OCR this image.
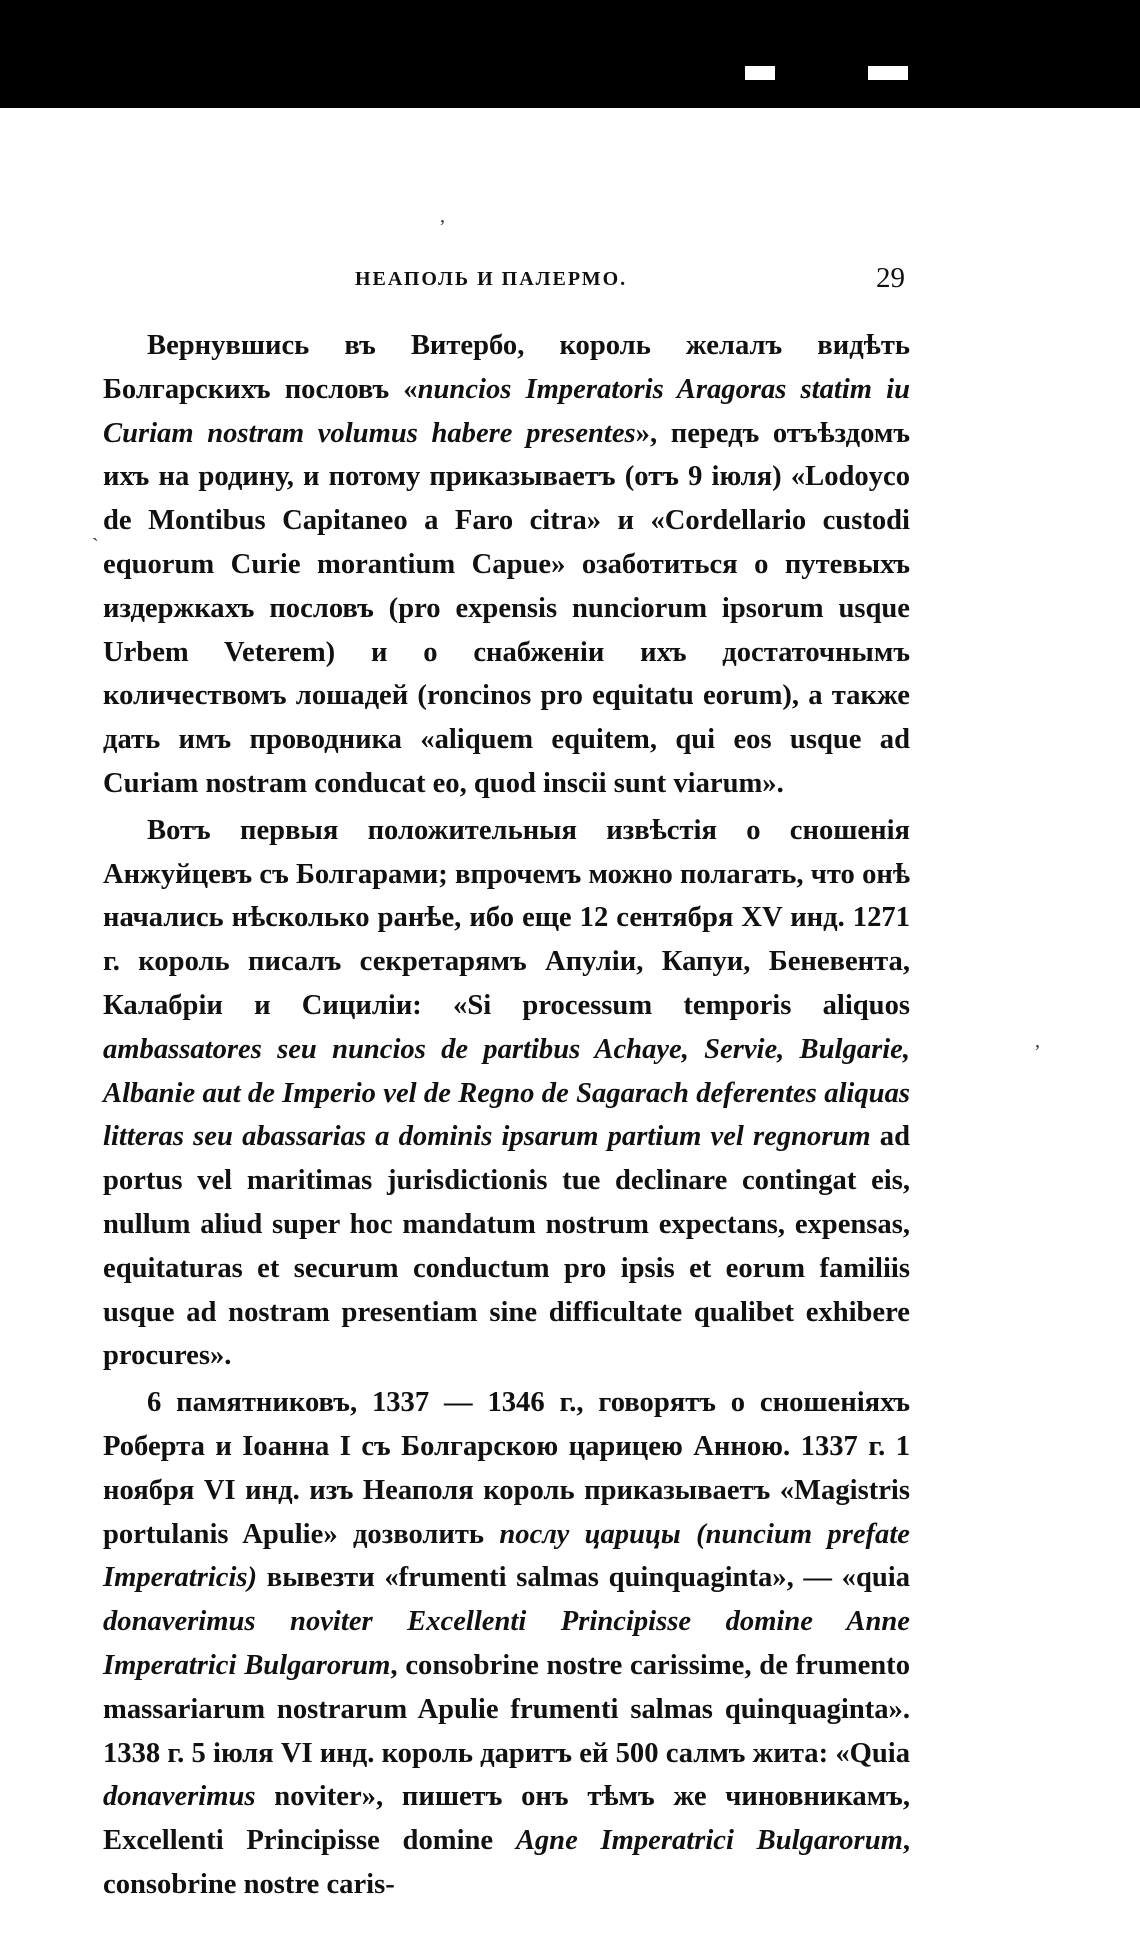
НЕАПОЛЬ И ПАЛЕРМО.	29
,
`
,

Вернувшись въ Витербо, король желалъ видѣть Болгарскихъ пословъ «nuncios Imperatoris Aragoras statim iu Curiam nostram volumus habere presentes», передъ отъѣздомъ ихъ на родину, и потому приказываетъ (отъ 9 іюля) «Lodoyco de Montibus Capitaneo a Faro citra» и «Cordellario custodi equorum Curie morantium Capue» озаботиться о путевыхъ издержкахъ пословъ (pro expensis nunciorum ipsorum usque Urbem Veterem) и о снабженіи ихъ достаточнымъ количествомъ лошадей (roncinos pro equitatu eorum), а также дать имъ проводника «aliquem equitem, qui eos usque ad Curiam nostram conducat eo, quod inscii sunt viarum».

Вотъ первыя положительныя извѣстія о сношенія Анжуйцевъ съ Болгарами; впрочемъ можно полагать, что онѣ начались нѣсколько ранѣе, ибо еще 12 сентября XV инд. 1271 г. король писалъ секретарямъ Апуліи, Капуи, Беневента, Калабріи и Сициліи: «Si processum temporis aliquos ambassatores seu nuncios de partibus Achaye, Servie, Bulgarie, Albanie aut de Imperio vel de Regno de Sagarach deferentes aliquas litteras seu abassarias a dominis ipsarum partium vel regnorum ad portus vel maritimas jurisdictionis tue declinare contingat eis, nullum aliud super hoc mandatum nostrum expectans, expensas, equitaturas et securum conductum pro ipsis et eorum familiis usque ad nostram presentiam sine difficultate qualibet exhibere procures».

6 памятниковъ, 1337 — 1346 г., говорятъ о сношеніяхъ Роберта и Іоанна I съ Болгарскою царицею Анною. 1337 г. 1 ноября VI инд. изъ Неаполя король приказываетъ «Magistris portulanis Apulie» дозволить послу царицы (nuncium prefate Imperatricis) вывезти «frumenti salmas quinquaginta», — «quia donaverimus noviter Excellenti Principisse domine Anne Imperatrici Bulgarorum, consobrine nostre carissime, de frumento massariarum nostrarum Apulie frumenti salmas quinquaginta». 1338 г. 5 іюля VI инд. король даритъ ей 500 салмъ жита: «Quia donaverimus noviter», пишетъ онъ тѣмъ же чиновникамъ, Excellenti Principisse domine Agne Imperatrici Bulgarorum, consobrine nostre caris-
